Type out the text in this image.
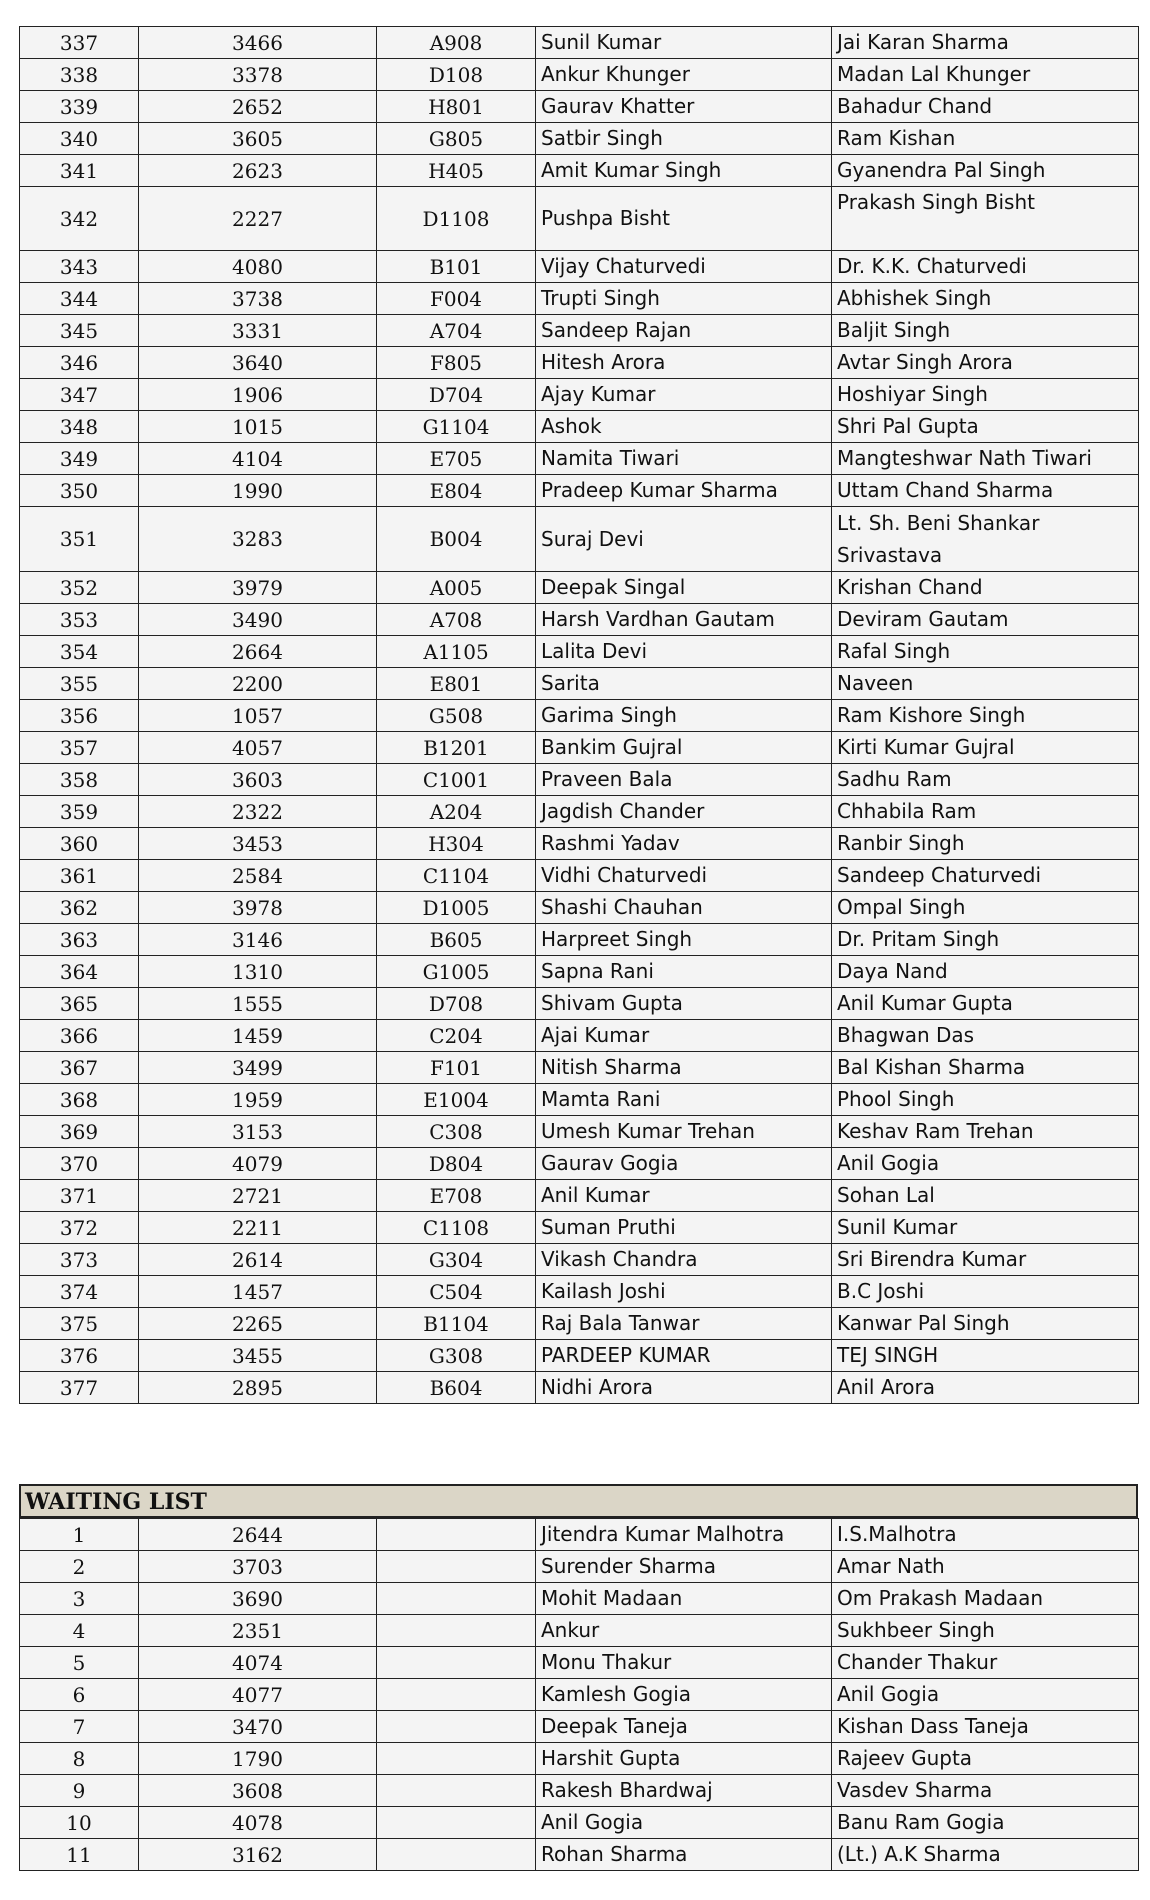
337	3466	A908	Sunil Kumar	Jai Karan Sharma
338	3378	D108	Ankur Khunger	Madan Lal Khunger
339	2652	H801	Gaurav Khatter	Bahadur Chand
340	3605	G805	Satbir Singh	Ram Kishan
341	2623	H405	Amit Kumar Singh	Gyanendra Pal Singh
342	2227	D1108	Pushpa Bisht	Prakash Singh Bisht
343	4080	B101	Vijay Chaturvedi	Dr. K.K. Chaturvedi
344	3738	F004	Trupti Singh	Abhishek Singh
345	3331	A704	Sandeep Rajan	Baljit Singh
346	3640	F805	Hitesh Arora	Avtar Singh Arora
347	1906	D704	Ajay Kumar	Hoshiyar Singh
348	1015	G1104	Ashok	Shri Pal Gupta
349	4104	E705	Namita Tiwari	Mangteshwar Nath Tiwari
350	1990	E804	Pradeep Kumar Sharma	Uttam Chand Sharma
351	3283	B004	Suraj Devi	Lt. Sh. Beni Shankar Srivastava
352	3979	A005	Deepak Singal	Krishan Chand
353	3490	A708	Harsh Vardhan Gautam	Deviram Gautam
354	2664	A1105	Lalita Devi	Rafal Singh
355	2200	E801	Sarita	Naveen
356	1057	G508	Garima Singh	Ram Kishore Singh
357	4057	B1201	Bankim Gujral	Kirti Kumar Gujral
358	3603	C1001	Praveen Bala	Sadhu Ram
359	2322	A204	Jagdish Chander	Chhabila Ram
360	3453	H304	Rashmi Yadav	Ranbir Singh
361	2584	C1104	Vidhi Chaturvedi	Sandeep Chaturvedi
362	3978	D1005	Shashi Chauhan	Ompal Singh
363	3146	B605	Harpreet Singh	Dr. Pritam Singh
364	1310	G1005	Sapna Rani	Daya Nand
365	1555	D708	Shivam Gupta	Anil Kumar Gupta
366	1459	C204	Ajai Kumar	Bhagwan Das
367	3499	F101	Nitish Sharma	Bal Kishan Sharma
368	1959	E1004	Mamta Rani	Phool Singh
369	3153	C308	Umesh Kumar Trehan	Keshav Ram Trehan
370	4079	D804	Gaurav Gogia	Anil Gogia
371	2721	E708	Anil Kumar	Sohan Lal
372	2211	C1108	Suman Pruthi	Sunil Kumar
373	2614	G304	Vikash Chandra	Sri Birendra Kumar
374	1457	C504	Kailash Joshi	B.C Joshi
375	2265	B1104	Raj Bala Tanwar	Kanwar Pal Singh
376	3455	G308	PARDEEP KUMAR	TEJ SINGH
377	2895	B604	Nidhi Arora	Anil Arora
WAITING LIST
1	2644		Jitendra Kumar Malhotra	I.S.Malhotra
2	3703		Surender Sharma	Amar Nath
3	3690		Mohit Madaan	Om Prakash Madaan
4	2351		Ankur	Sukhbeer Singh
5	4074		Monu Thakur	Chander Thakur
6	4077		Kamlesh Gogia	Anil Gogia
7	3470		Deepak Taneja	Kishan Dass Taneja
8	1790		Harshit Gupta	Rajeev Gupta
9	3608		Rakesh Bhardwaj	Vasdev Sharma
10	4078		Anil Gogia	Banu Ram Gogia
11	3162		Rohan Sharma	(Lt.) A.K Sharma
